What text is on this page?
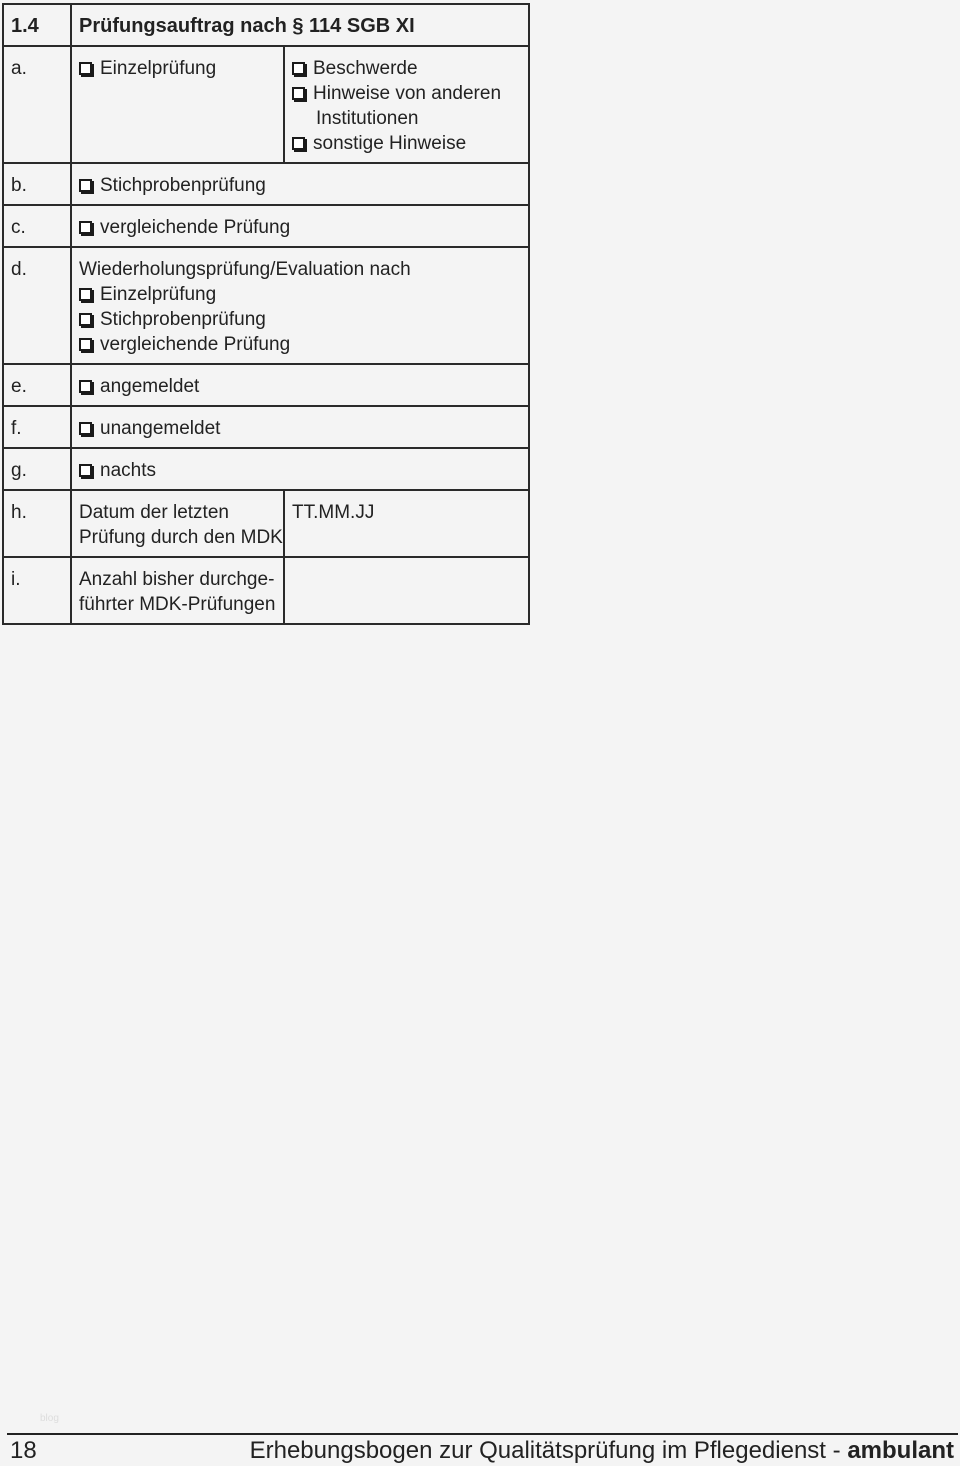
1.4	Prüfungsauftrag nach § 114 SGB XI	
a.	Einzelprüfung	Beschwerde
Hinweise von anderen
Institutionen
sonstige Hinweise

b.	Stichprobenprüfung	

c.	vergleichende Prüfung	

d.	Wiederholungsprüfung/Evaluation nach
Einzelprüfung
Stichprobenprüfung
vergleichende Prüfung	

e.	angemeldet	

f.	unangemeldet	

g.	nachts	

h.	Datum der letzten
Prüfung durch den MDK	TT.MM.JJ
i.	Anzahl bisher durchge-
führter MDK-Prüfungen	

blog
18	Erhebungsbogen zur Qualitätsprüfung im Pflegedienst - ambulant
